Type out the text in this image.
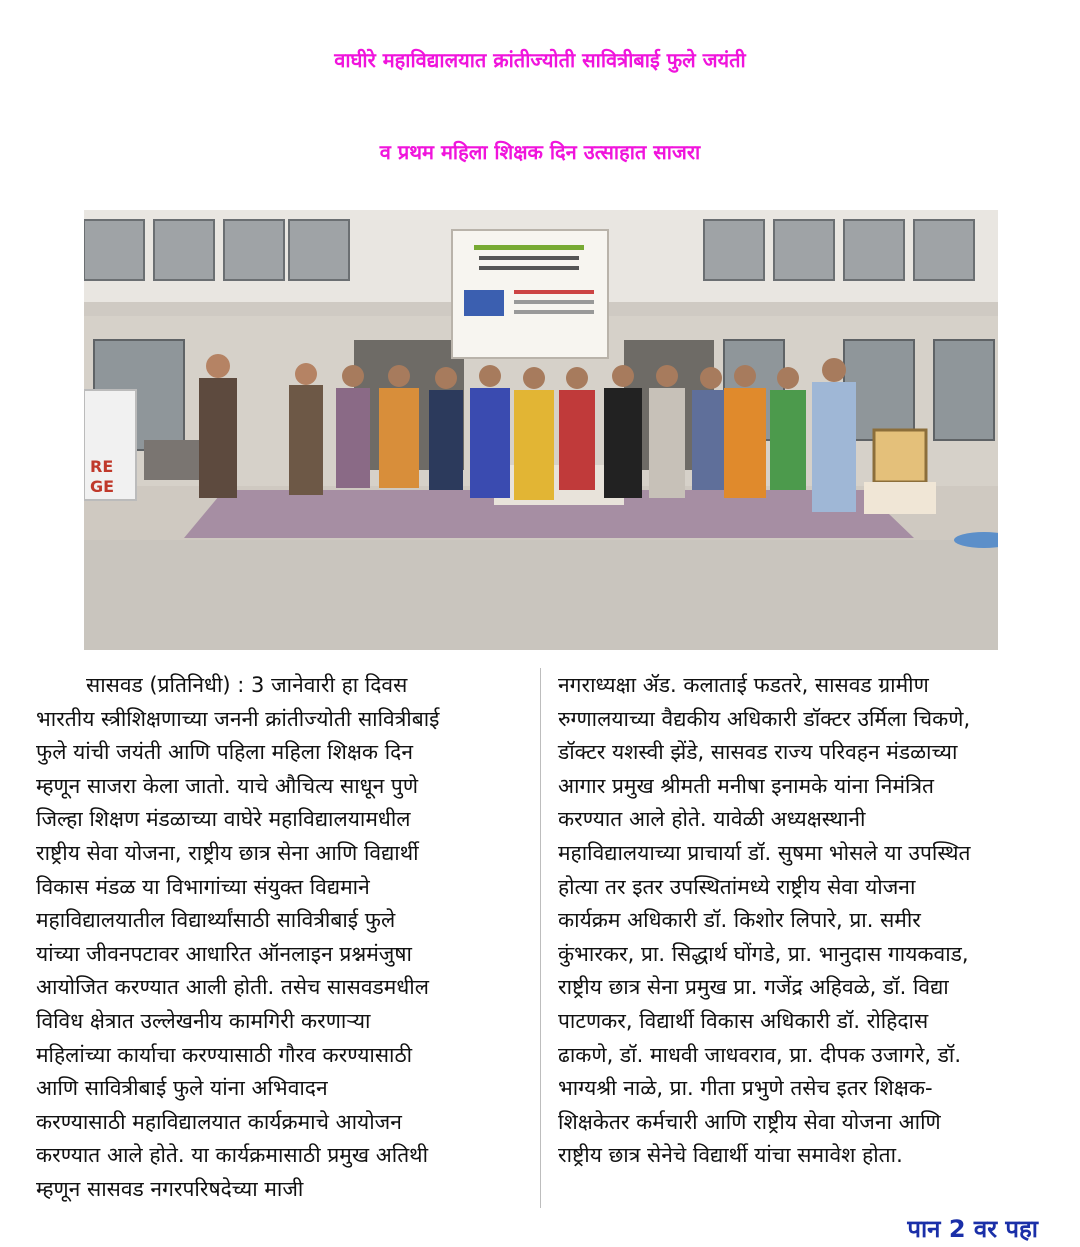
वाघीरे महाविद्यालयात क्रांतीज्योती सावित्रीबाई फुले जयंती
व प्रथम महिला शिक्षक दिन उत्साहात साजरा
RE
GE
सासवड (प्रतिनिधी) : 3 जानेवारी हा दिवस
भारतीय स्त्रीशिक्षणाच्या जननी क्रांतीज्योती सावित्रीबाई
फुले यांची जयंती आणि पहिला महिला शिक्षक दिन
म्हणून साजरा केला जातो. याचे औचित्य साधून पुणे
जिल्हा शिक्षण मंडळाच्या वाघेरे महाविद्यालयामधील
राष्ट्रीय सेवा योजना, राष्ट्रीय छात्र सेना आणि विद्यार्थी
विकास मंडळ या विभागांच्या संयुक्त विद्यमाने
महाविद्यालयातील विद्यार्थ्यांसाठी सावित्रीबाई फुले
यांच्या जीवनपटावर आधारित ऑनलाइन प्रश्नमंजुषा
आयोजित करण्यात आली होती. तसेच सासवडमधील
विविध क्षेत्रात उल्लेखनीय कामगिरी करणाऱ्या
महिलांच्या कार्याचा करण्यासाठी गौरव करण्यासाठी
आणि सावित्रीबाई फुले यांना अभिवादन
करण्यासाठी महाविद्यालयात कार्यक्रमाचे आयोजन
करण्यात आले होते. या कार्यक्रमासाठी प्रमुख अतिथी
म्हणून सासवड नगरपरिषदेच्या माजी
नगराध्यक्षा ॲड. कलाताई फडतरे, सासवड ग्रामीण
रुग्णालयाच्या वैद्यकीय अधिकारी डॉक्टर उर्मिला चिकणे,
डॉक्टर यशस्वी झेंडे, सासवड राज्य परिवहन मंडळाच्या
आगार प्रमुख श्रीमती मनीषा इनामके यांना निमंत्रित
करण्यात आले होते. यावेळी अध्यक्षस्थानी
महाविद्यालयाच्या प्राचार्या डॉ. सुषमा भोसले या उपस्थित
होत्या तर इतर उपस्थितांमध्ये राष्ट्रीय सेवा योजना
कार्यक्रम अधिकारी डॉ. किशोर लिपारे, प्रा. समीर
कुंभारकर, प्रा. सिद्धार्थ घोंगडे, प्रा. भानुदास गायकवाड,
राष्ट्रीय छात्र सेना प्रमुख प्रा. गजेंद्र अहिवळे, डॉ. विद्या
पाटणकर, विद्यार्थी विकास अधिकारी डॉ. रोहिदास
ढाकणे, डॉ. माधवी जाधवराव, प्रा. दीपक उजागरे, डॉ.
भाग्यश्री नाळे, प्रा. गीता प्रभुणे तसेच इतर शिक्षक-
शिक्षकेतर कर्मचारी आणि राष्ट्रीय सेवा योजना आणि
राष्ट्रीय छात्र सेनेचे विद्यार्थी यांचा समावेश होता.
पान 2 वर पहा
